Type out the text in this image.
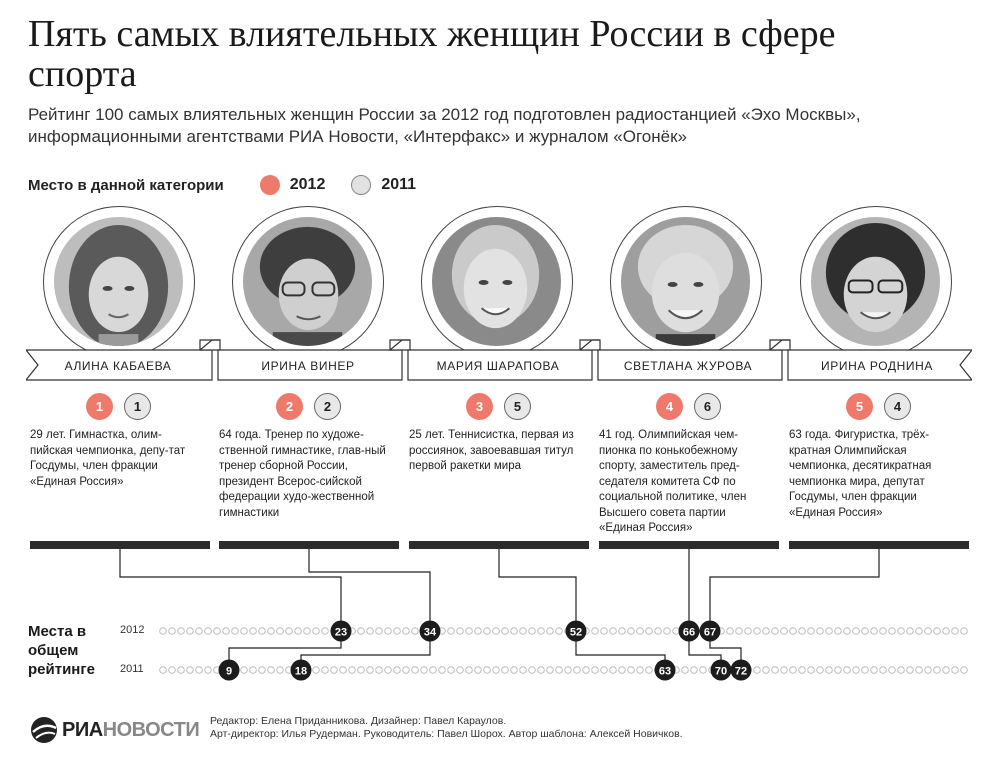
Пять самых влиятельных женщин России в сфере спорта

Рейтинг 100 самых влиятельных женщин России за 2012 год подготовлен радиостанцией «Эхо Москвы», информационными агентствами РИА Новости, «Интерфакс» и журналом «Огонёк»

Место в данной категории	2012	2011
АЛИНА КАБАЕВА	ИРИНА ВИНЕР	МАРИЯ ШАРАПОВА	СВЕТЛАНА ЖУРОВА	ИРИНА РОДНИНА
1	1	2	2	3	5	4	6	5	4

29 лет. Гимнастка, олим-пийская чемпионка, депу-тат Госдумы, член фракции «Единая Россия»

64 года. Тренер по художе-ственной гимнастике, глав-ный тренер сборной России, президент Всерос-сийской федерации худо-жественной гимнастики

25 лет. Теннисистка, первая из россиянок, завоевавшая титул первой ракетки мира

41 год. Олимпийская чем-пионка по конькобежному спорту, заместитель пред-седателя комитета СФ по социальной политике, член Высшего совета партии «Единая Россия»

63 года. Фигуристка, трёх-кратная Олимпийская чемпионка, десятикратная чемпионка мира, депутат Госдумы, член фракции «Единая Россия»

Места в общем рейтинге
2012
2011
23	34	52	66 67
9	18	63	70 72
РИА НОВОСТИ Редактор: Елена Приданникова. Дизайнер: Павел Караулов.
Арт-директор: Илья Рудерман. Руководитель: Павел Шорох. Автор шаблона: Алексей Новичков.
